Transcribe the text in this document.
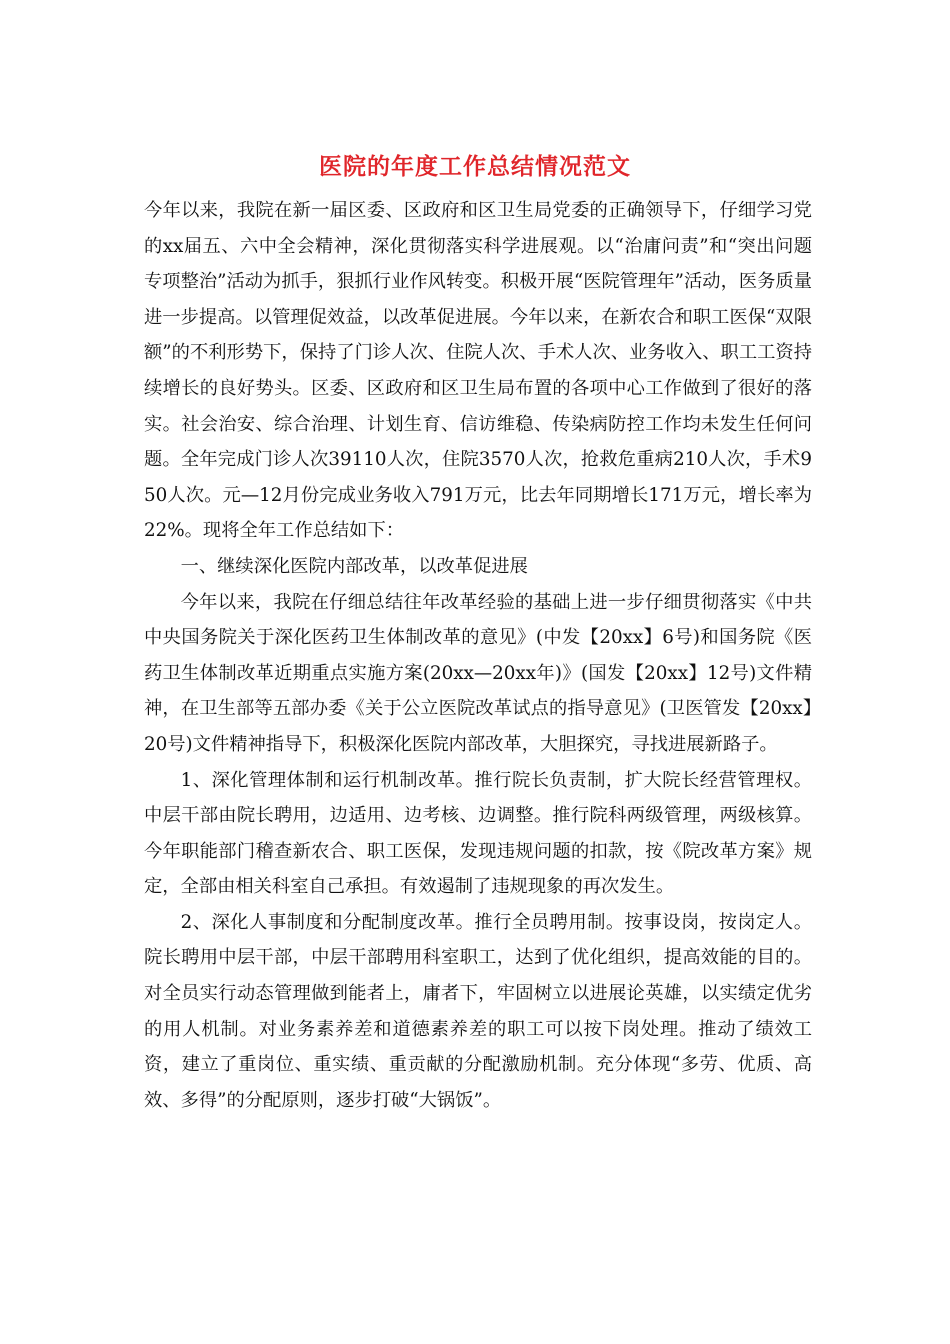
医院的年度工作总结情况范文

今年以来，我院在新一届区委、区政府和区卫生局党委的正确领导下，仔细学习党的xx届五、六中全会精神，深化贯彻落实科学进展观。以“治庸问责”和“突出问题专项整治”活动为抓手，狠抓行业作风转变。积极开展“医院管理年”活动，医务质量进一步提高。以管理促效益，以改革促进展。今年以来，在新农合和职工医保“双限额”的不利形势下，保持了门诊人次、住院人次、手术人次、业务收入、职工工资持续增长的良好势头。区委、区政府和区卫生局布置的各项中心工作做到了很好的落实。社会治安、综合治理、计划生育、信访维稳、传染病防控工作均未发生任何问题。全年完成门诊人次39110人次，住院3570人次，抢救危重病210人次，手术950人次。元—12月份完成业务收入791万元，比去年同期增长171万元，增长率为22%。现将全年工作总结如下：

一、继续深化医院内部改革，以改革促进展

今年以来，我院在仔细总结往年改革经验的基础上进一步仔细贯彻落实《中共中央国务院关于深化医药卫生体制改革的意见》(中发【20xx】6号)和国务院《医药卫生体制改革近期重点实施方案(20xx—20xx年)》(国发【20xx】12号)文件精神，在卫生部等五部办委《关于公立医院改革试点的指导意见》(卫医管发【20xx】20号)文件精神指导下，积极深化医院内部改革，大胆探究，寻找进展新路子。

1、深化管理体制和运行机制改革。推行院长负责制，扩大院长经营管理权。中层干部由院长聘用，边适用、边考核、边调整。推行院科两级管理，两级核算。今年职能部门稽查新农合、职工医保，发现违规问题的扣款，按《院改革方案》规定，全部由相关科室自己承担。有效遏制了违规现象的再次发生。

2、深化人事制度和分配制度改革。推行全员聘用制。按事设岗，按岗定人。院长聘用中层干部，中层干部聘用科室职工，达到了优化组织，提高效能的目的。对全员实行动态管理做到能者上，庸者下，牢固树立以进展论英雄，以实绩定优劣的用人机制。对业务素养差和道德素养差的职工可以按下岗处理。推动了绩效工资，建立了重岗位、重实绩、重贡献的分配激励机制。充分体现“多劳、优质、高效、多得”的分配原则，逐步打破“大锅饭”。
